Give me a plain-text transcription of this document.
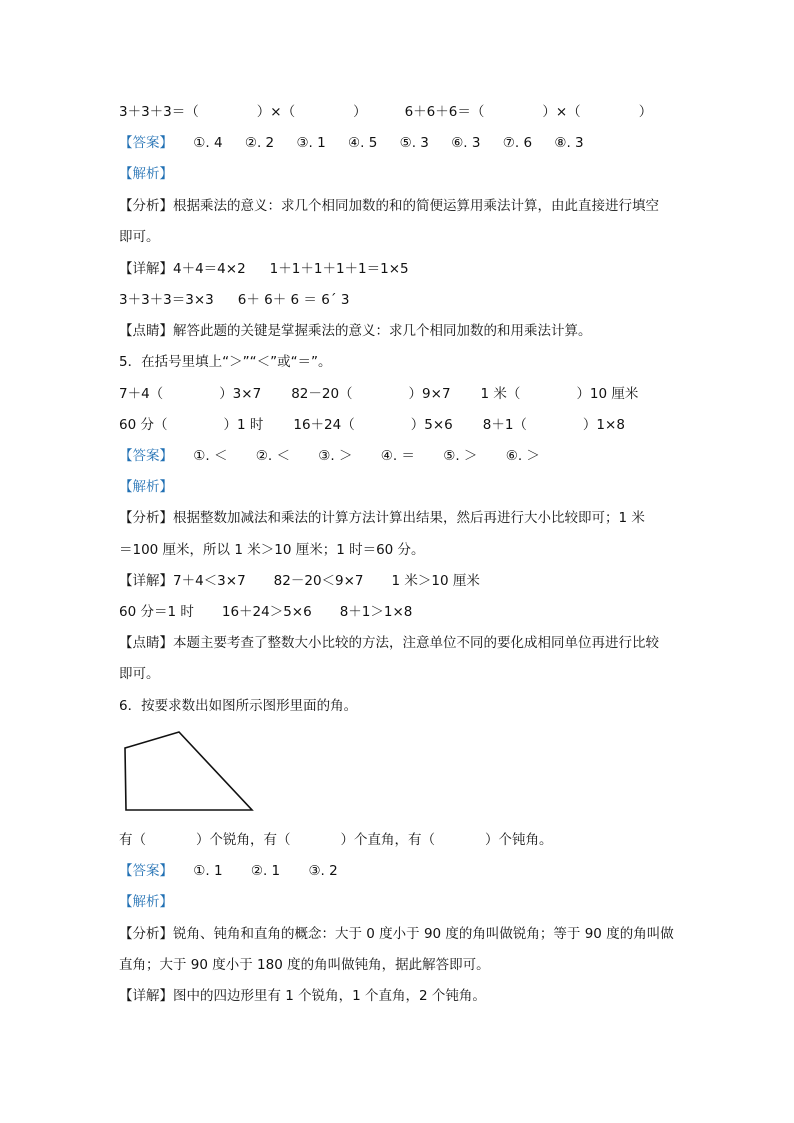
3＋3＋3＝（	）×（	）	6＋6＋6＝（	）×（	）
【答案】 ①. 4 ②. 2 ③. 1 ④. 5 ⑤. 3 ⑥. 3 ⑦. 6 ⑧. 3
【解析】
【分析】根据乘法的意义：求几个相同加数的和的简便运算用乘法计算，由此直接进行填空
即可。
【详解】4＋4＝4×2 1＋1＋1＋1＋1＝1×5
3＋3＋3＝3×3 6＋ 6＋ 6 ＝ 6´ 3
【点睛】解答此题的关键是掌握乘法的意义：求几个相同加数的和用乘法计算。
5．在括号里填上“＞”“＜”或“＝”。
7＋4（	）3×7 82－20（	）9×7 1 米（	）10 厘米
60 分（	）1 时 16＋24（	）5×6 8＋1（	）1×8
【答案】 ①. ＜ ②. ＜ ③. ＞ ④. ＝ ⑤. ＞ ⑥. ＞
【解析】
【分析】根据整数加减法和乘法的计算方法计算出结果，然后再进行大小比较即可；1 米
＝100 厘米，所以 1 米＞10 厘米；1 时＝60 分。
【详解】7＋4＜3×7 82－20＜9×7 1 米＞10 厘米
60 分＝1 时 16＋24＞5×6 8＋1＞1×8
【点睛】本题主要考查了整数大小比较的方法，注意单位不同的要化成相同单位再进行比较
即可。
6．按要求数出如图所示图形里面的角。
有（	）个锐角，有（	）个直角，有（	）个钝角。
【答案】 ①. 1 ②. 1 ③. 2
【解析】
【分析】锐角、钝角和直角的概念：大于 0 度小于 90 度的角叫做锐角；等于 90 度的角叫做
直角；大于 90 度小于 180 度的角叫做钝角，据此解答即可。
【详解】图中的四边形里有 1 个锐角，1 个直角，2 个钝角。
